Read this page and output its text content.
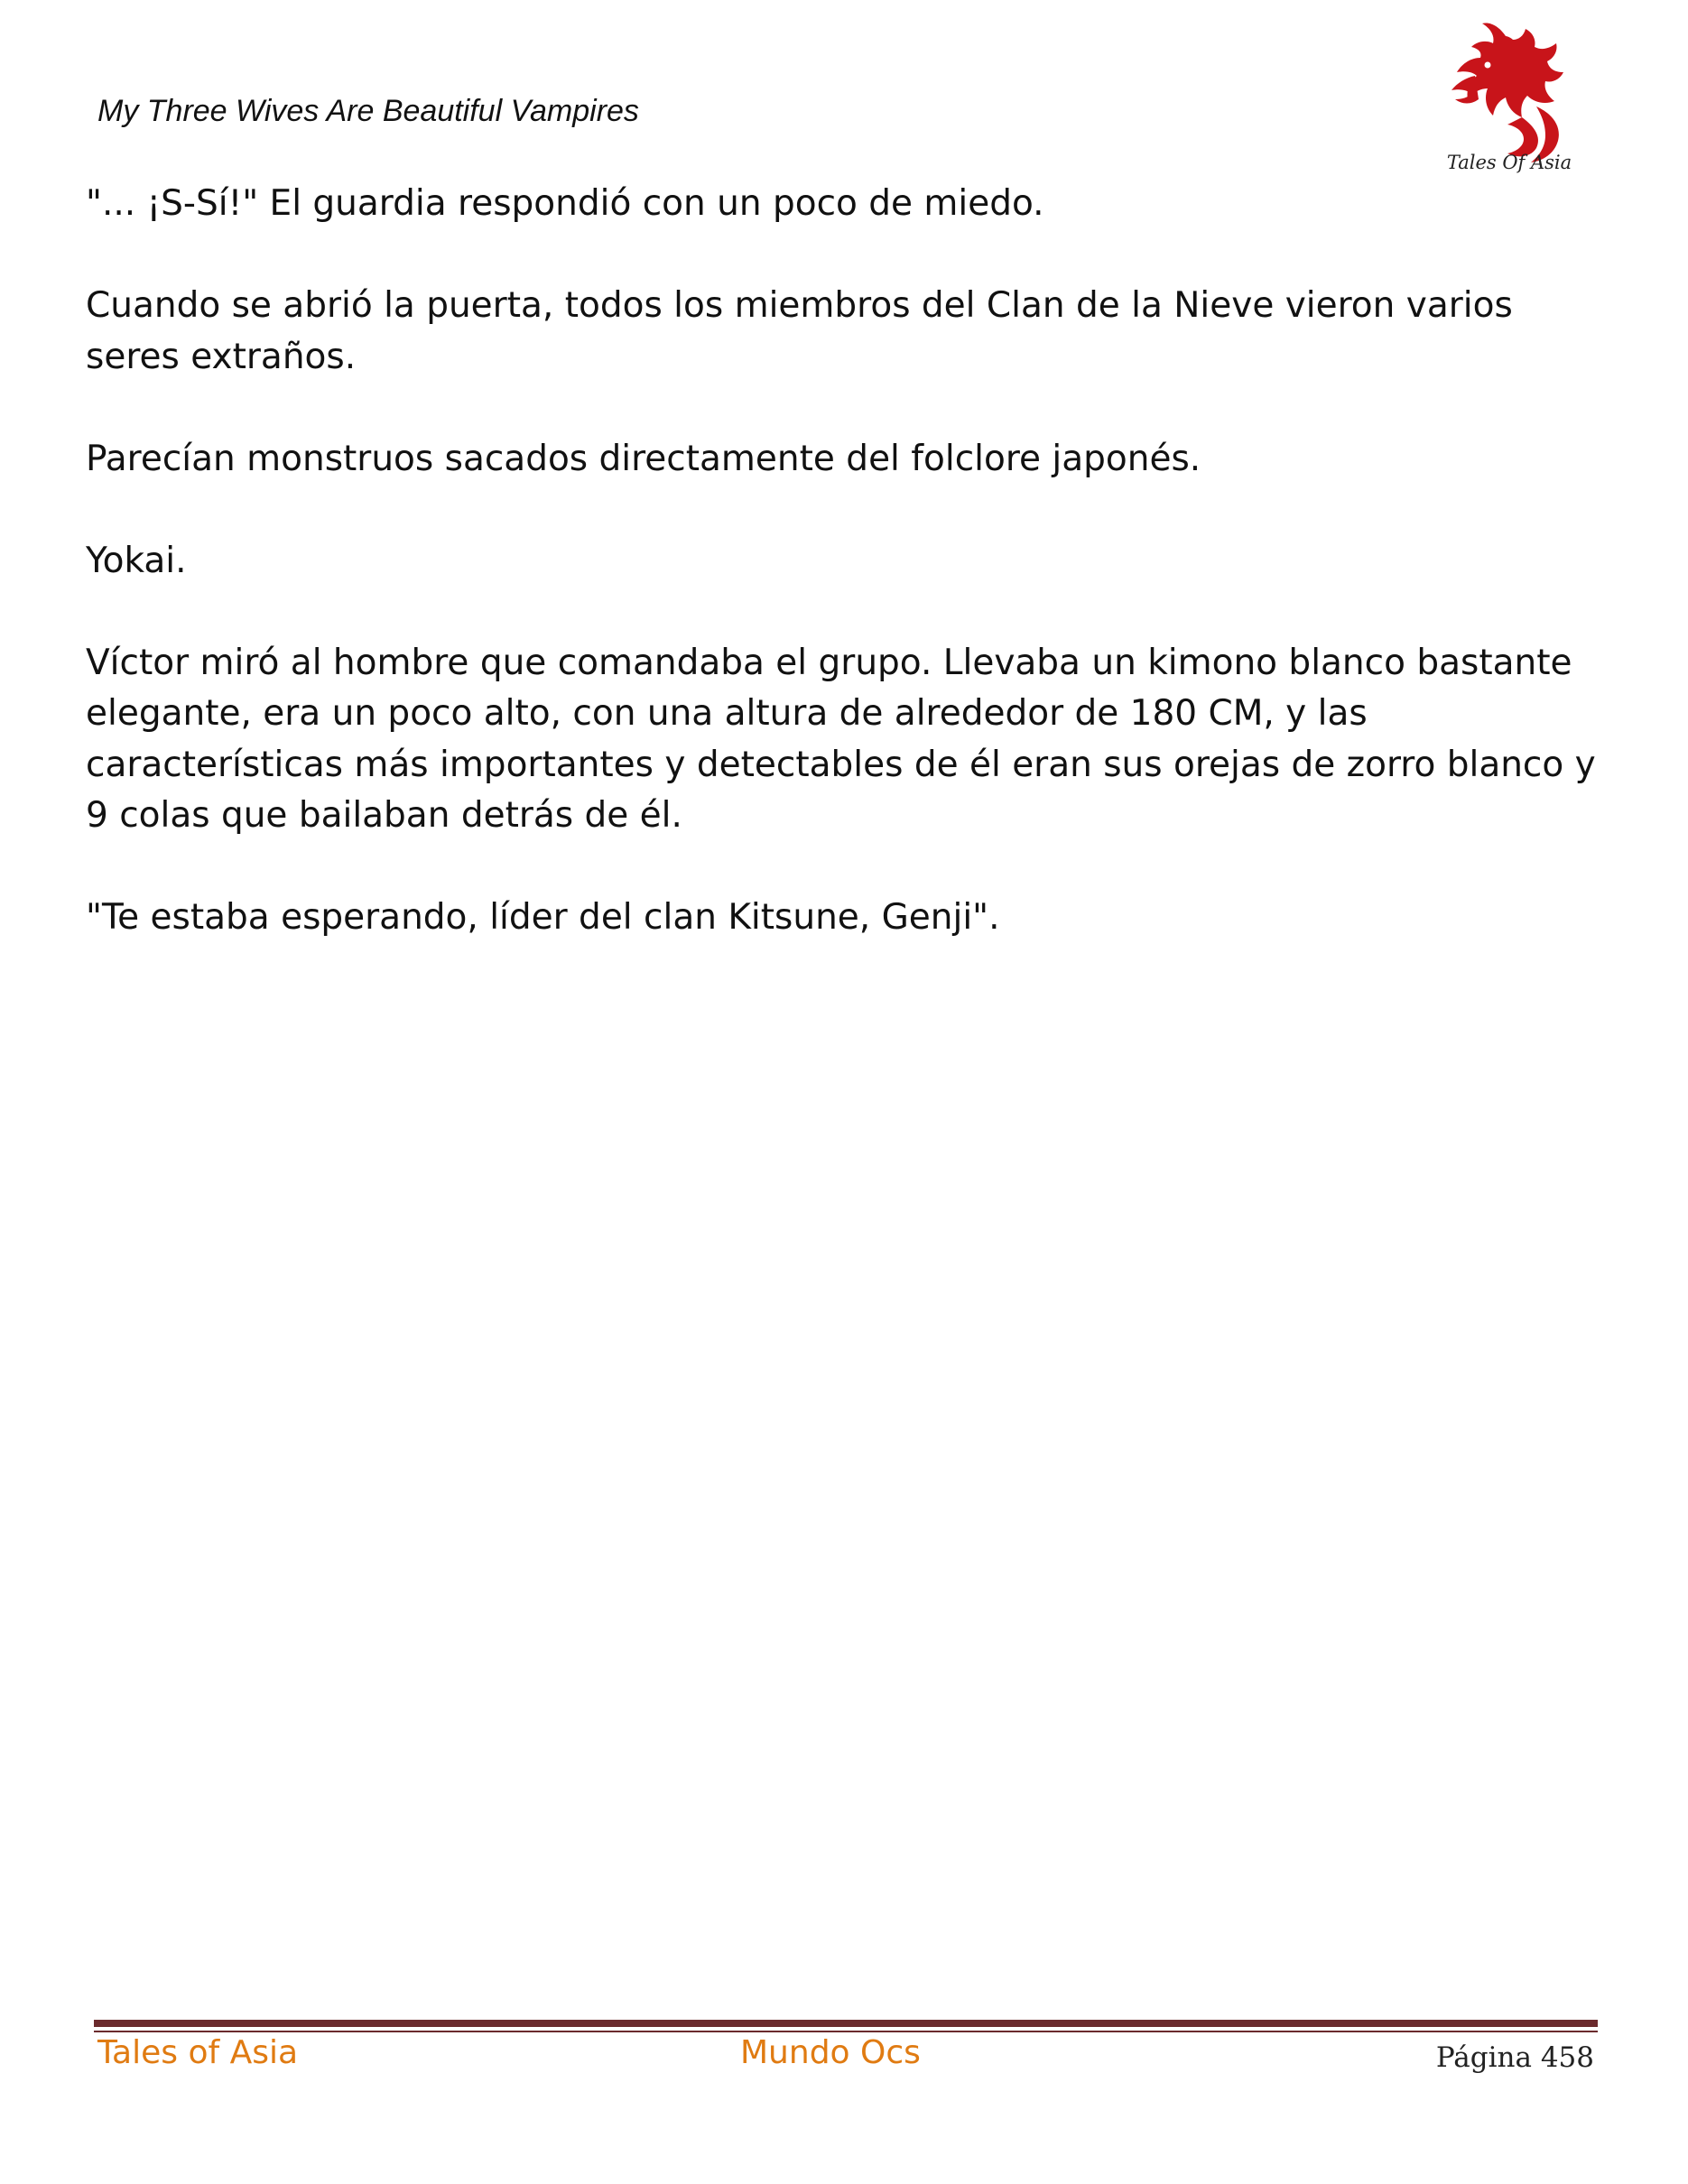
My Three Wives Are Beautiful Vampires
Tales Of Asia

"... ¡S-Sí!" El guardia respondió con un poco de miedo.

Cuando se abrió la puerta, todos los miembros del Clan de la Nieve vieron varios seres extraños.

Parecían monstruos sacados directamente del folclore japonés.

Yokai.

Víctor miró al hombre que comandaba el grupo. Llevaba un kimono blanco bastante elegante, era un poco alto, con una altura de alrededor de 180 CM, y las características más importantes y detectables de él eran sus orejas de zorro blanco y 9 colas que bailaban detrás de él.

"Te estaba esperando, líder del clan Kitsune, Genji".

Tales of Asia	Mundo Ocs	Página 458
